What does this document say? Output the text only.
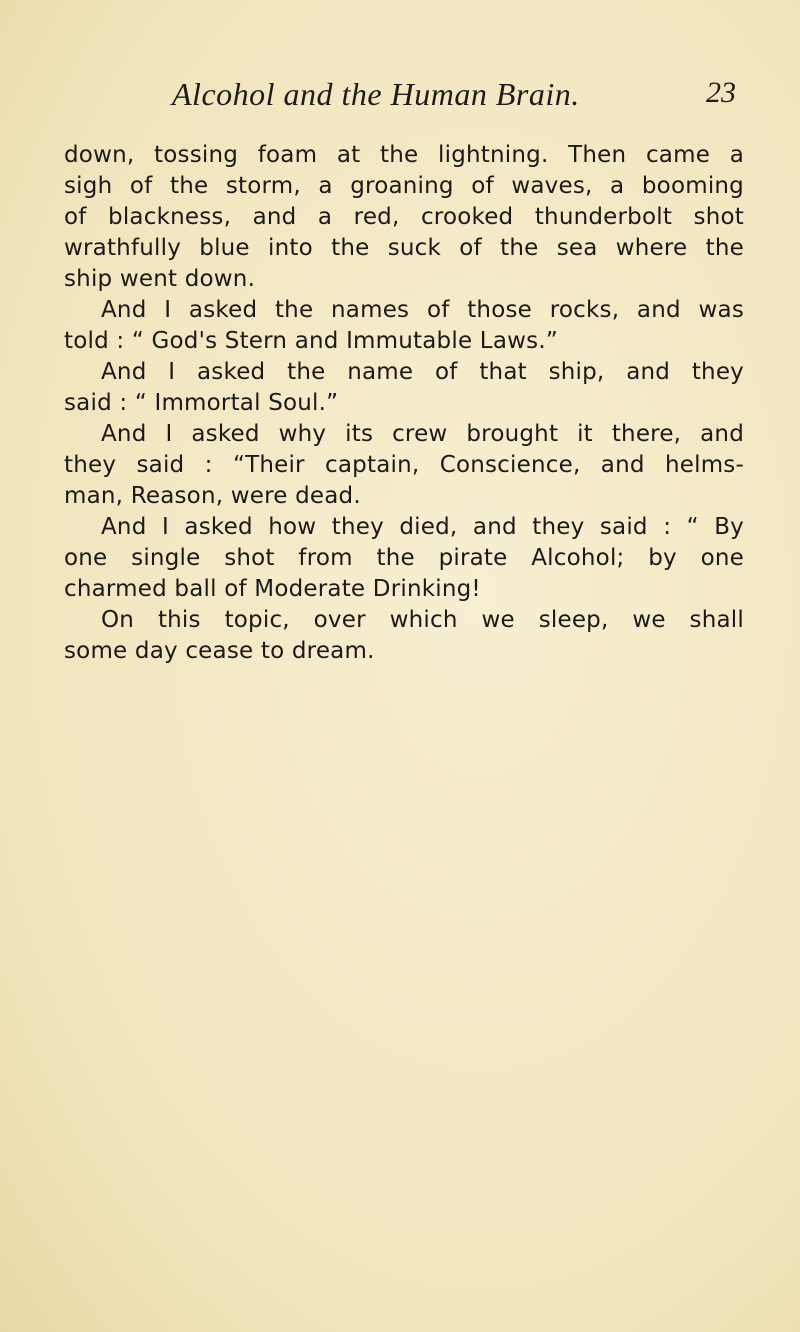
Alcohol and the Human Brain.	23
down, tossing foam at the lightning. Then came a
sigh of the storm, a groaning of waves, a booming
of blackness, and a red, crooked thunderbolt shot
wrathfully blue into the suck of the sea where the
ship went down.
And I asked the names of those rocks, and was
told : “ God's Stern and Immutable Laws.”
And I asked the name of that ship, and they
said : “ Immortal Soul.”
And I asked why its crew brought it there, and
they said : “Their captain, Conscience, and helms-
man, Reason, were dead.
And I asked how they died, and they said : “ By
one single shot from the pirate Alcohol; by one
charmed ball of Moderate Drinking!
On this topic, over which we sleep, we shall
some day cease to dream.
